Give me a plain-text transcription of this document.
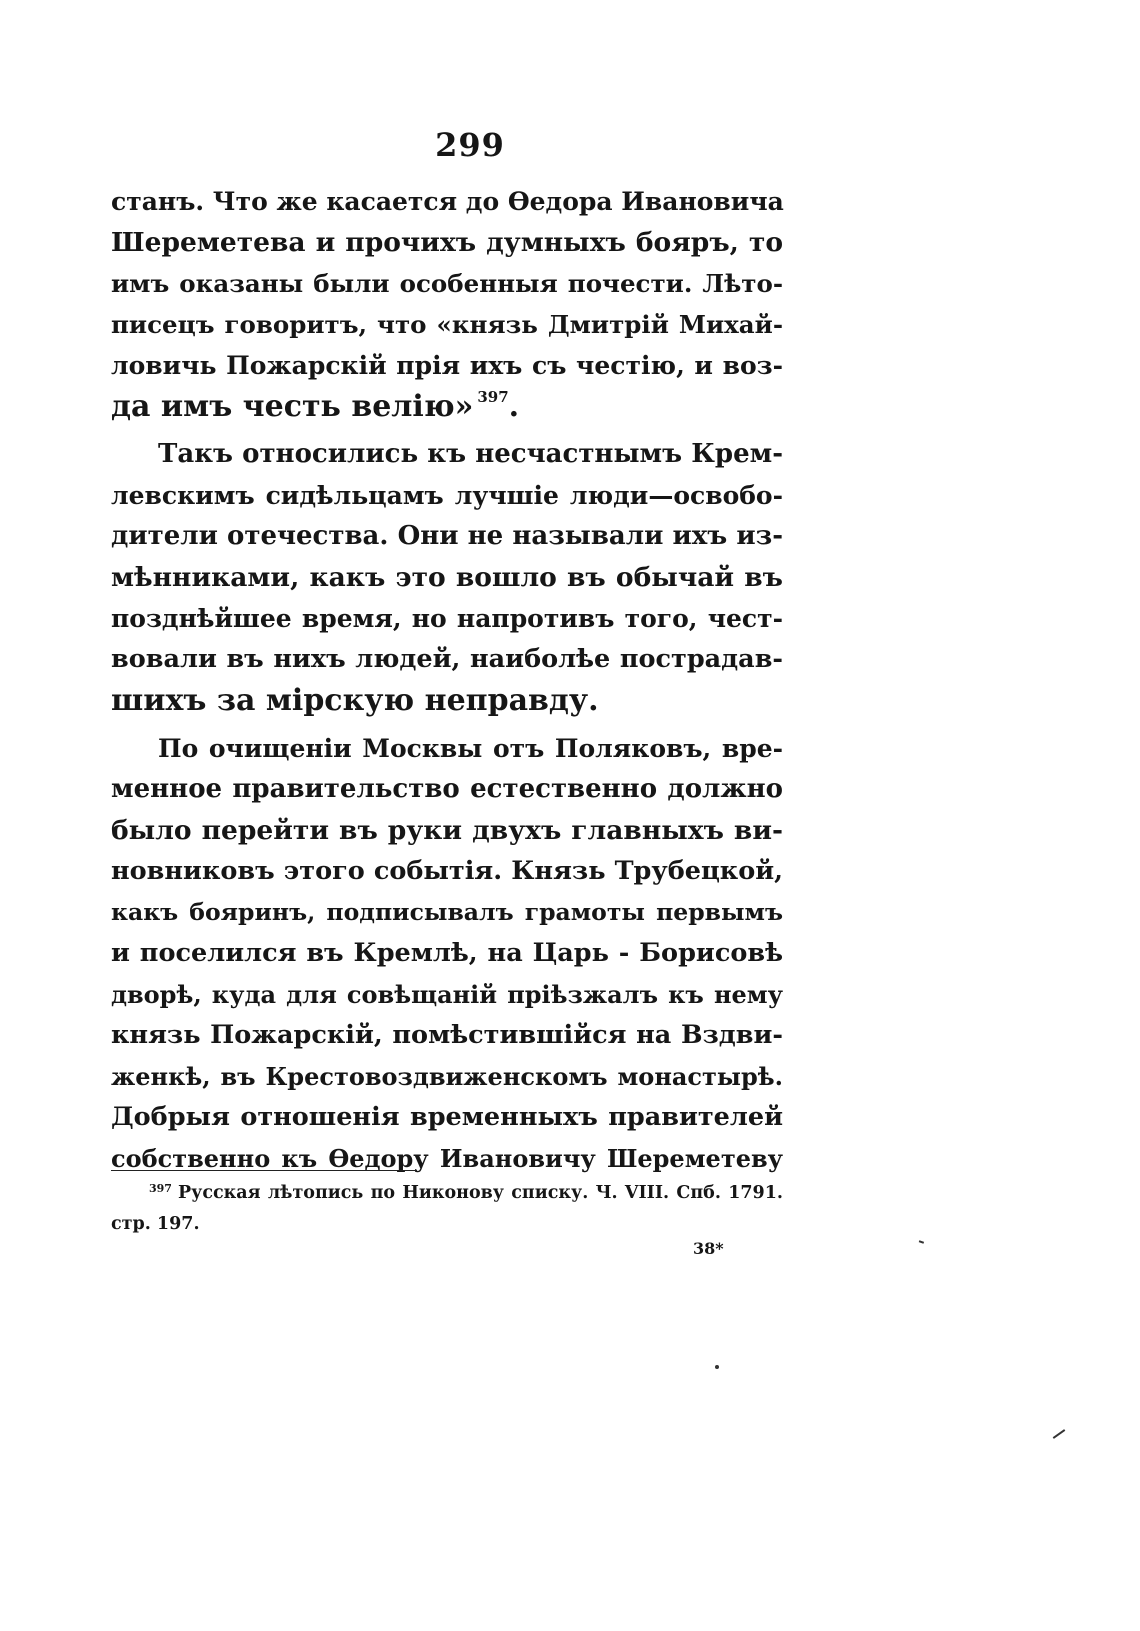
299
станъ. Что же касается до Өедора Ивановича
Шереметева и прочихъ думныхъ бояръ, то
имъ оказаны были особенныя почести. Лѣто-
писецъ говоритъ, что «князь Дмитрій Михай-
ловичь Пожарскій прія ихъ съ честію, и воз-
да имъ честь велію» $^{397}$.
Такъ относились къ несчастнымъ Крем-
левскимъ сидѣльцамъ лучшіе люди—освобо-
дители отечества. Они не называли ихъ из-
мѣнниками, какъ это вошло въ обычай въ
позднѣйшее время, но напротивъ того, чест-
вовали въ нихъ людей, наиболѣе пострадав-
шихъ за мірскую неправду.
По очищеніи Москвы отъ Поляковъ, вре-
менное правительство естественно должно
было перейти въ руки двухъ главныхъ ви-
новниковъ этого событія. Князь Трубецкой,
какъ бояринъ, подписывалъ грамоты первымъ
и поселился въ Кремлѣ, на Царь - Борисовѣ
дворѣ, куда для совѣщаній пріѣзжалъ къ нему
князь Пожарскій, помѣстившійся на Вздви-
женкѣ, въ Крестовоздвиженскомъ монастырѣ.
Добрыя отношенія временныхъ правителей
собственно къ Өедору Ивановичу Шереметеву
$^{397}$ Русская лѣтопись по Никонову списку. Ч. VIII. Спб. 1791.
стр. 197.
38*
